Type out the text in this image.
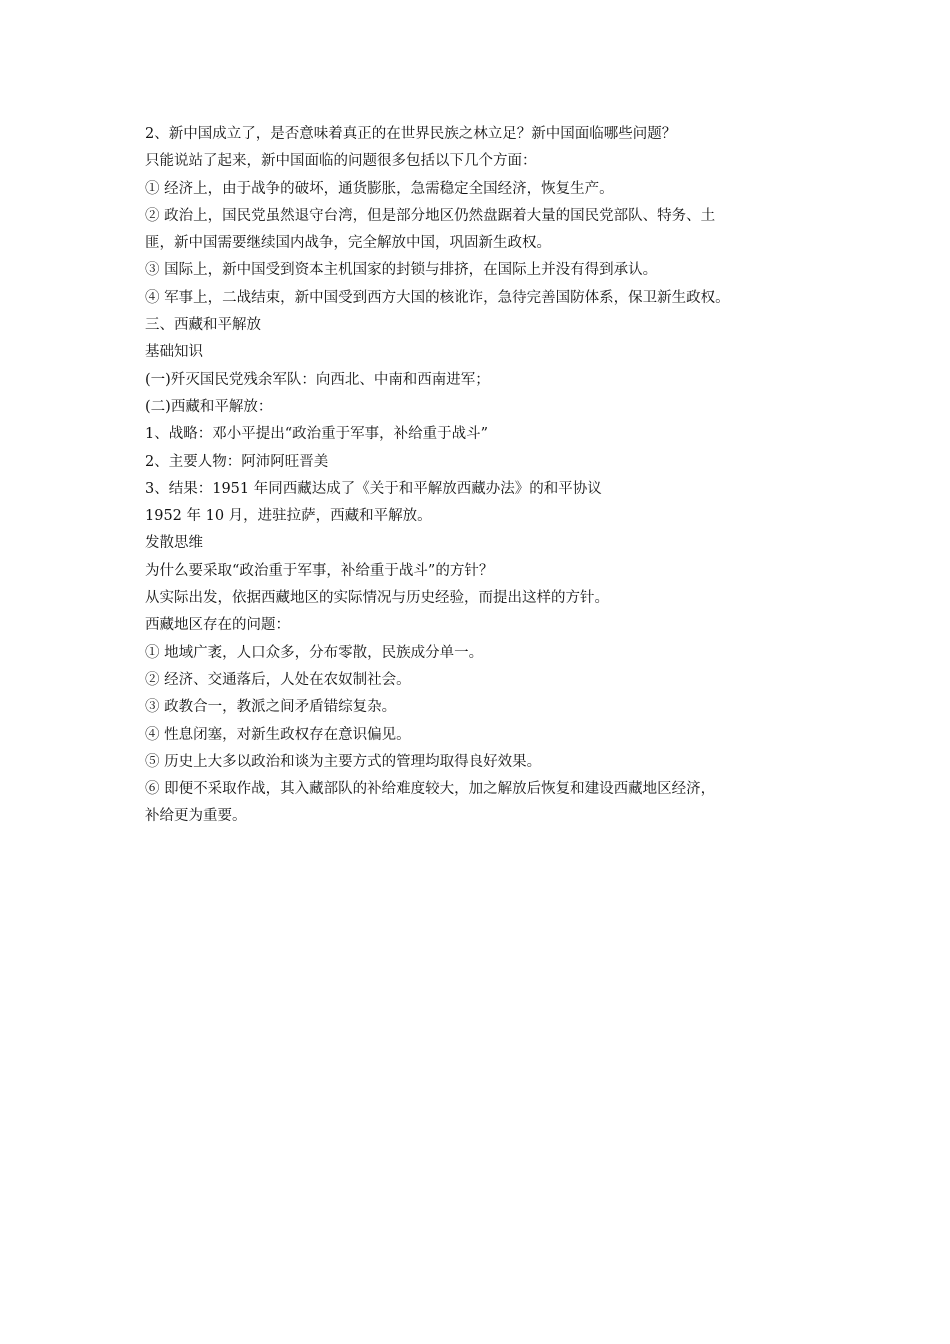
2、新中国成立了，是否意味着真正的在世界民族之林立足？新中国面临哪些问题？
只能说站了起来，新中国面临的问题很多包括以下几个方面：
① 经济上，由于战争的破坏，通货膨胀，急需稳定全国经济，恢复生产。
② 政治上，国民党虽然退守台湾，但是部分地区仍然盘踞着大量的国民党部队、特务、土
匪，新中国需要继续国内战争，完全解放中国，巩固新生政权。
③ 国际上，新中国受到资本主机国家的封锁与排挤，在国际上并没有得到承认。
④ 军事上，二战结束，新中国受到西方大国的核讹诈，急待完善国防体系，保卫新生政权。
三、西藏和平解放
基础知识
(一)歼灭国民党残余军队：向西北、中南和西南进军；
(二)西藏和平解放：
1、战略：邓小平提出“政治重于军事，补给重于战斗”
2、主要人物：阿沛阿旺晋美
3、结果：1951 年同西藏达成了《关于和平解放西藏办法》的和平协议
1952 年 10 月，进驻拉萨，西藏和平解放。
发散思维
为什么要采取“政治重于军事，补给重于战斗”的方针？
从实际出发，依据西藏地区的实际情况与历史经验，而提出这样的方针。
西藏地区存在的问题：
① 地域广袤，人口众多，分布零散，民族成分单一。
② 经济、交通落后，人处在农奴制社会。
③ 政教合一，教派之间矛盾错综复杂。
④ 性息闭塞，对新生政权存在意识偏见。
⑤ 历史上大多以政治和谈为主要方式的管理均取得良好效果。
⑥ 即便不采取作战，其入藏部队的补给难度较大，加之解放后恢复和建设西藏地区经济，
补给更为重要。
